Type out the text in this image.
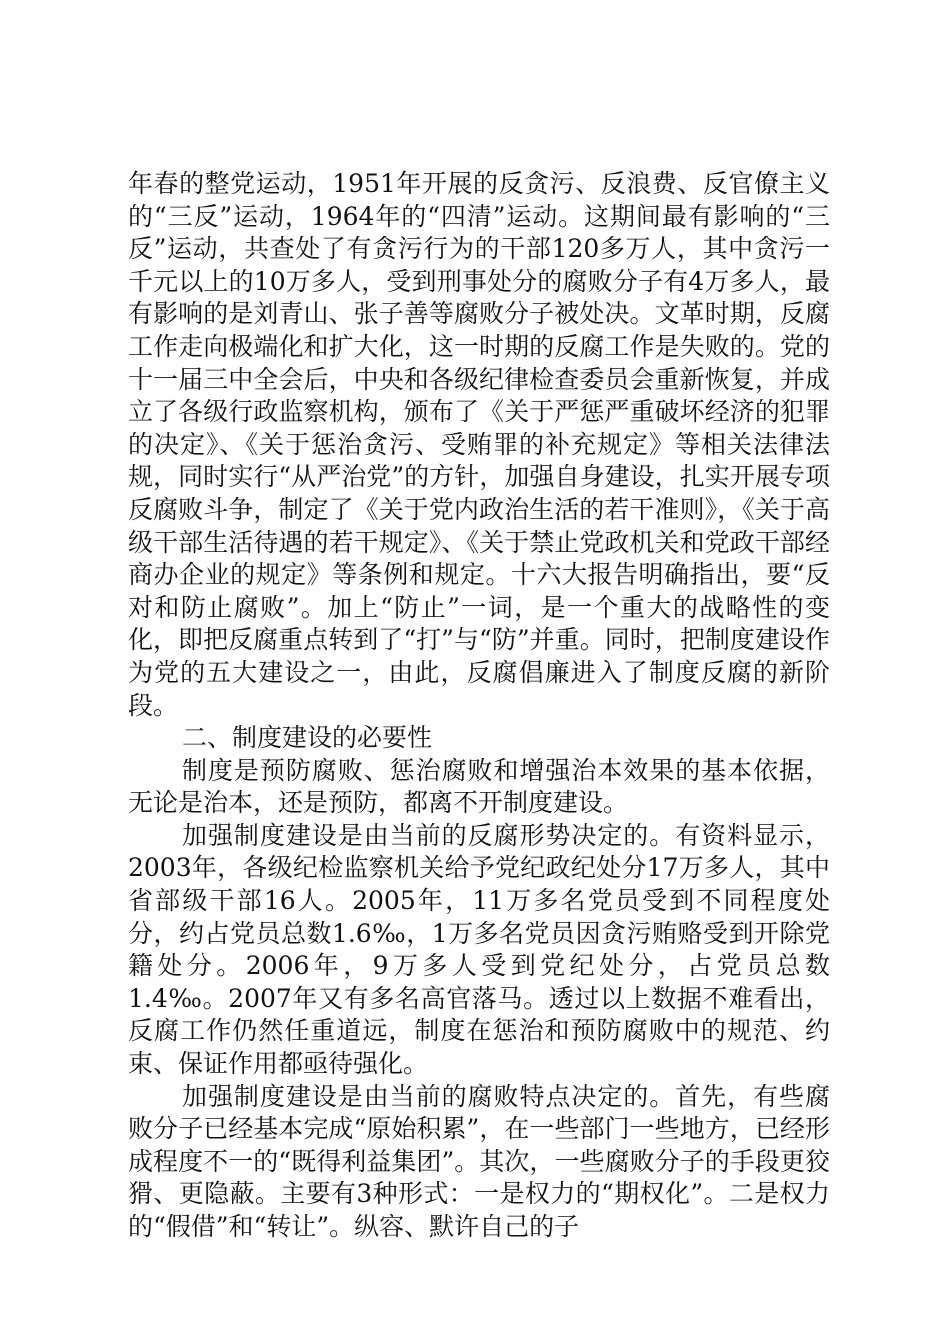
年春的整党运动，1951年开展的反贪污、反浪费、反官僚主义的“三反”运动，1964年的“四清”运动。这期间最有影响的“三反”运动，共查处了有贪污行为的干部120多万人，其中贪污一千元以上的10万多人，受到刑事处分的腐败分子有4万多人，最有影响的是刘青山、张子善等腐败分子被处决。文革时期，反腐工作走向极端化和扩大化，这一时期的反腐工作是失败的。党的十一届三中全会后，中央和各级纪律检查委员会重新恢复，并成立了各级行政监察机构，颁布了《关于严惩严重破坏经济的犯罪的决定》、《关于惩治贪污、受贿罪的补充规定》等相关法律法规，同时实行“从严治党”的方针，加强自身建设，扎实开展专项反腐败斗争，制定了《关于党内政治生活的若干准则》，《关于高级干部生活待遇的若干规定》、《关于禁止党政机关和党政干部经商办企业的规定》等条例和规定。十六大报告明确指出，要“反对和防止腐败”。加上“防止”一词，是一个重大的战略性的变化，即把反腐重点转到了“打”与“防”并重。同时，把制度建设作为党的五大建设之一，由此，反腐倡廉进入了制度反腐的新阶段。

二、制度建设的必要性

制度是预防腐败、惩治腐败和增强治本效果的基本依据，无论是治本，还是预防，都离不开制度建设。

加强制度建设是由当前的反腐形势决定的。有资料显示，2003年，各级纪检监察机关给予党纪政纪处分17万多人，其中省部级干部16人。2005年，11万多名党员受到不同程度处分，约占党员总数1.6‰，1万多名党员因贪污贿赂受到开除党籍处分。2006年，9万多人受到党纪处分，占党员总数1.4‰。2007年又有多名高官落马。透过以上数据不难看出，反腐工作仍然任重道远，制度在惩治和预防腐败中的规范、约束、保证作用都亟待强化。

加强制度建设是由当前的腐败特点决定的。首先，有些腐败分子已经基本完成“原始积累”，在一些部门一些地方，已经形成程度不一的“既得利益集团”。其次，一些腐败分子的手段更狡猾、更隐蔽。主要有3种形式：一是权力的“期权化”。二是权力的“假借”和“转让”。纵容、默许自己的子
